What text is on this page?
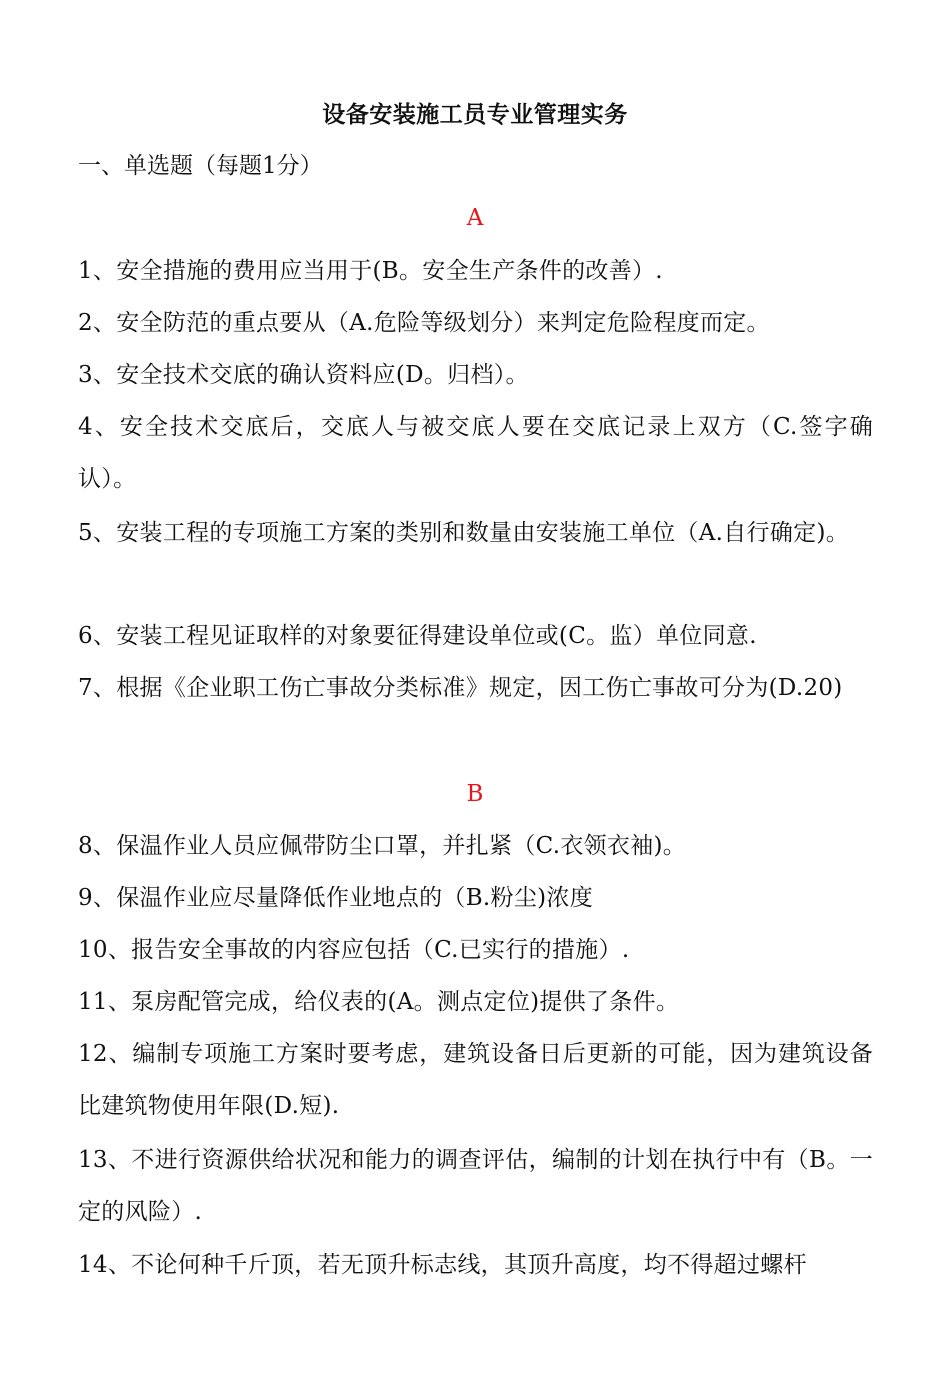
设备安装施工员专业管理实务
一、单选题（每题1分）
A
1、安全措施的费用应当用于(B。安全生产条件的改善）.
2、安全防范的重点要从（A.危险等级划分）来判定危险程度而定。
3、安全技术交底的确认资料应(D。归档）。
4、安全技术交底后，交底人与被交底人要在交底记录上双方（C.签字确认）。
5、安装工程的专项施工方案的类别和数量由安装施工单位（A.自行确定)。
6、安装工程见证取样的对象要征得建设单位或(C。监）单位同意.
7、根据《企业职工伤亡事故分类标准》规定，因工伤亡事故可分为(D.20)
B
8、保温作业人员应佩带防尘口罩，并扎紧（C.衣领衣袖)。
9、保温作业应尽量降低作业地点的（B.粉尘)浓度
10、报告安全事故的内容应包括（C.已实行的措施）.
11、泵房配管完成，给仪表的(A。测点定位)提供了条件。
12、编制专项施工方案时要考虑，建筑设备日后更新的可能，因为建筑设备比建筑物使用年限(D.短).
13、不进行资源供给状况和能力的调查评估，编制的计划在执行中有（B。一定的风险）.
14、不论何种千斤顶，若无顶升标志线，其顶升高度，均不得超过螺杆
